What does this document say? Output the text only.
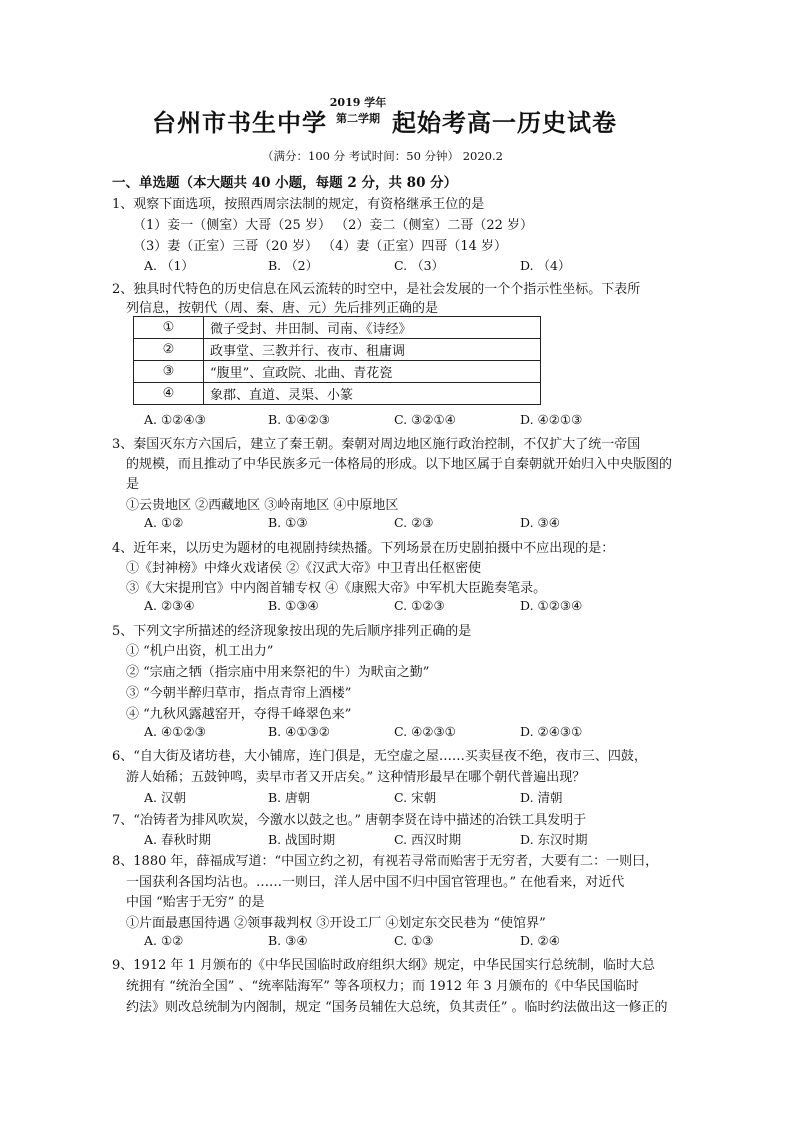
台州市书生中学
2019 学年
第二学期 起始考高一历史试卷
（满分：100 分 考试时间：50 分钟） 2020.2
一、单选题（本大题共 40 小题，每题 2 分，共 80 分）
1、观察下面选项，按照西周宗法制的规定，有资格继承王位的是
（1）妾一（侧室）大哥（25 岁） （2）妾二（侧室）二哥（22 岁）
（3）妻（正室）三哥（20 岁） （4）妻（正室）四哥（14 岁）
A. （1）	B. （2）	C. （3）	D. （4）
2、独具时代特色的历史信息在风云流转的时空中，是社会发展的一个个指示性坐标。下表所
列信息，按朝代（周、秦、唐、元）先后排列正确的是
①	微子受封、井田制、司南、《诗经》
②	政事堂、三教并行、夜市、租庸调
③	“腹里”、宣政院、北曲、青花瓷
④	象郡、直道、灵渠、小篆
A. ①②④③	B. ①④②③	C. ③②①④	D. ④②①③
3、秦国灭东方六国后，建立了秦王朝。秦朝对周边地区施行政治控制，不仅扩大了统一帝国
的规模，而且推动了中华民族多元一体格局的形成。以下地区属于自秦朝就开始归入中央版图的
是
①云贵地区 ②西藏地区 ③岭南地区 ④中原地区
A. ①②	B. ①③	C. ②③	D. ③④
4、近年来，以历史为题材的电视剧持续热播。下列场景在历史剧拍摄中不应出现的是：
①《封神榜》中烽火戏诸侯 ②《汉武大帝》中卫青出任枢密使
③《大宋提刑官》中内阁首辅专权 ④《康熙大帝》中军机大臣跪奏笔录。
A. ②③④	B. ①③④	C. ①②③	D. ①②③④
5、下列文字所描述的经济现象按出现的先后顺序排列正确的是
① “机户出资，机工出力”
② “宗庙之牺（指宗庙中用来祭祀的牛）为畎亩之勤”
③ “今朝半醉归草市，指点青帘上酒楼”
④ “九秋风露越窑开，夺得千峰翠色来”
A. ④①②③	B. ④①③②	C. ④②③①	D. ②④③①
6、“自大街及诸坊巷，大小铺席，连门俱是，无空虚之屋……买卖昼夜不绝，夜市三、四鼓，
游人始稀；五鼓钟鸣，卖早市者又开店矣。” 这种情形最早在哪个朝代普遍出现？
A. 汉朝	B. 唐朝	C. 宋朝	D. 清朝
7、“冶铸者为排风吹炭，今激水以鼓之也。” 唐朝李贤在诗中描述的冶铁工具发明于
A. 春秋时期	B. 战国时期	C. 西汉时期	D. 东汉时期
8、1880 年，薛福成写道：“中国立约之初，有视若寻常而贻害于无穷者，大要有二：一则曰，
一国获利各国均沾也。……一则曰，洋人居中国不归中国官管理也。” 在他看来，对近代
中国 “贻害于无穷” 的是
①片面最惠国待遇 ②领事裁判权 ③开设工厂 ④划定东交民巷为 “使馆界”
A. ①②	B. ③④	C. ①③	D. ②④
9、1912 年 1 月颁布的《中华民国临时政府组织大纲》规定，中华民国实行总统制，临时大总
统拥有 “统治全国” 、“统率陆海军” 等各项权力；而 1912 年 3 月颁布的《中华民国临时
约法》则改总统制为内阁制，规定 “国务员辅佐大总统，负其责任” 。临时约法做出这一修正的
